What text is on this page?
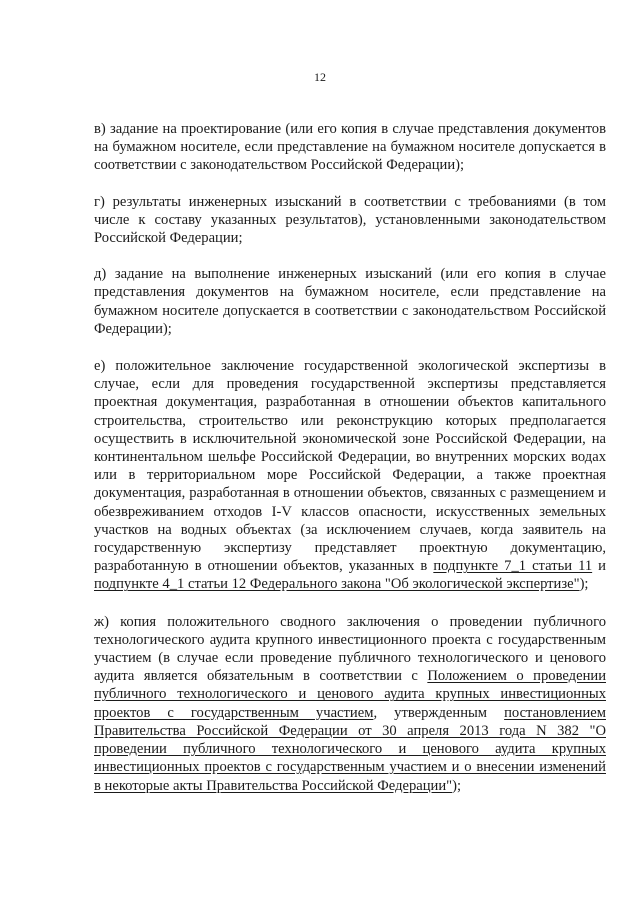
12

в) задание на проектирование (или его копия в случае представления документов на бумажном носителе, если представление на бумажном носителе допускается в соответствии с законодательством Российской Федерации);

г) результаты инженерных изысканий в соответствии с требованиями (в том числе к составу указанных результатов), установленными законодательством Российской Федерации;

д) задание на выполнение инженерных изысканий (или его копия в случае представления документов на бумажном носителе, если представление на бумажном носителе допускается в соответствии с законодательством Российской Федерации);

е) положительное заключение государственной экологической экспертизы в случае, если для проведения государственной экспертизы представляется проектная документация, разработанная в отношении объектов капитального строительства, строительство или реконструкцию которых предполагается осуществить в исключительной экономической зоне Российской Федерации, на континентальном шельфе Российской Федерации, во внутренних морских водах или в территориальном море Российской Федерации, а также проектная документация, разработанная в отношении объектов, связанных с размещением и обезвреживанием отходов I-V классов опасности, искусственных земельных участков на водных объектах (за исключением случаев, когда заявитель на государственную экспертизу представляет проектную документацию, разработанную в отношении объектов, указанных в подпункте 7_1 статьи 11 и подпункте 4_1 статьи 12 Федерального закона "Об экологической экспертизе");

ж) копия положительного сводного заключения о проведении публичного технологического аудита крупного инвестиционного проекта с государственным участием (в случае если проведение публичного технологического и ценового аудита является обязательным в соответствии с Положением о проведении публичного технологического и ценового аудита крупных инвестиционных проектов с государственным участием, утвержденным постановлением Правительства Российской Федерации от 30 апреля 2013 года N 382 "О проведении публичного технологического и ценового аудита крупных инвестиционных проектов с государственным участием и о внесении изменений в некоторые акты Правительства Российской Федерации");
